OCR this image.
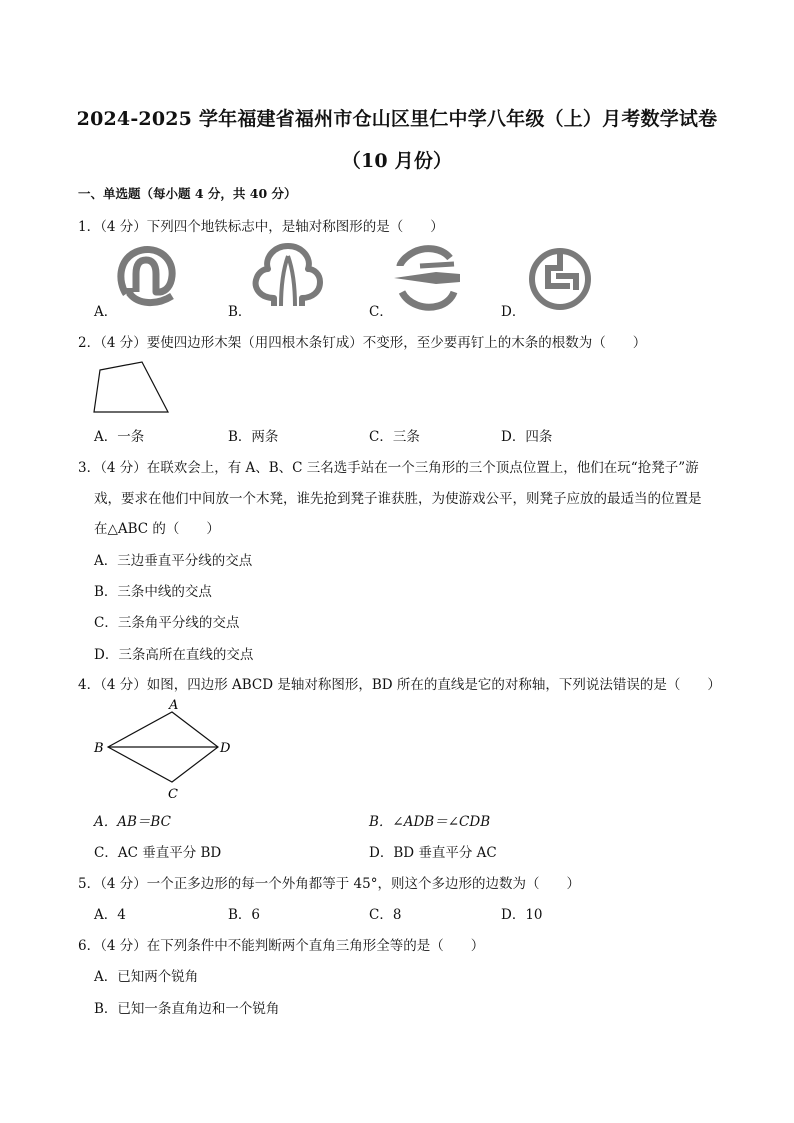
2024-2025 学年福建省福州市仓山区里仁中学八年级（上）月考数学试卷
（10 月份）
一、单选题（每小题 4 分，共 40 分）
1．（4 分）下列四个地铁标志中，是轴对称图形的是（　　）
A．	B．	C．	D．
2．（4 分）要使四边形木架（用四根木条钉成）不变形，至少要再钉上的木条的根数为（　　）
A．一条	B．两条	C．三条	D．四条
3．（4 分）在联欢会上，有 A、B、C 三名选手站在一个三角形的三个顶点位置上，他们在玩“抢凳子”游
戏，要求在他们中间放一个木凳，谁先抢到凳子谁获胜，为使游戏公平，则凳子应放的最适当的位置是
在△ABC 的（　　）
A．三边垂直平分线的交点
B．三条中线的交点
C．三条角平分线的交点
D．三条高所在直线的交点
4．（4 分）如图，四边形 ABCD 是轴对称图形，BD 所在的直线是它的对称轴，下列说法错误的是（　　）
A
B
C
D
A．AB＝BC	B．∠ADB＝∠CDB
C．AC 垂直平分 BD	D．BD 垂直平分 AC
5．（4 分）一个正多边形的每一个外角都等于 45°，则这个多边形的边数为（　　）
A．4	B．6	C．8	D．10
6．（4 分）在下列条件中不能判断两个直角三角形全等的是（　　）
A．已知两个锐角
B．已知一条直角边和一个锐角
